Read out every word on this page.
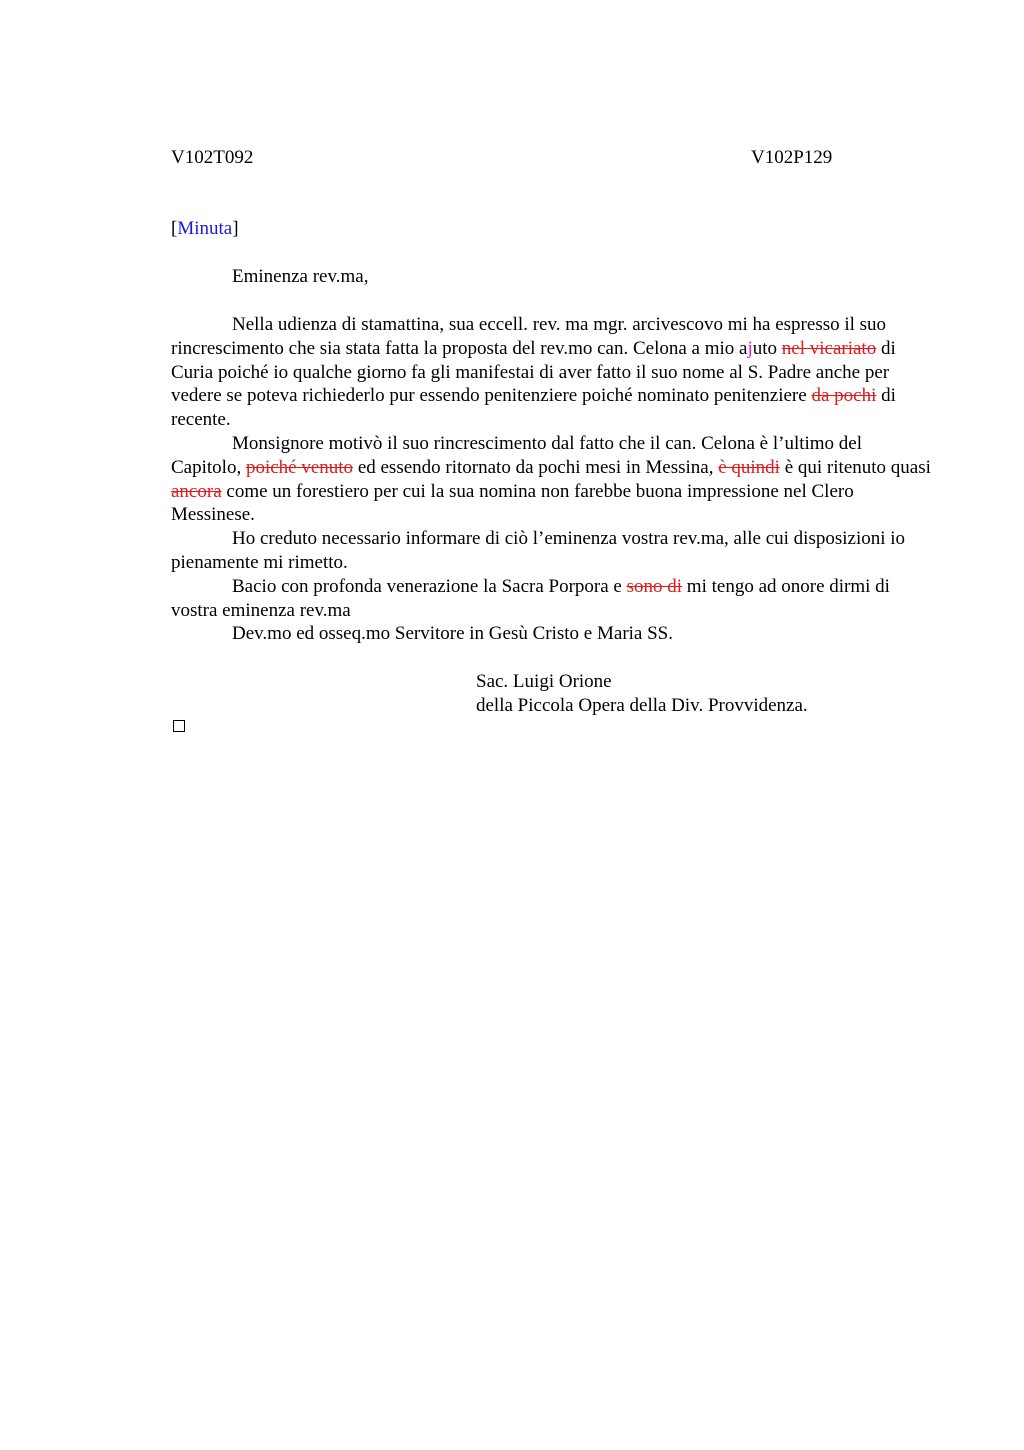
V102T092	V102P129
[Minuta]
Eminenza rev.ma,

Nella udienza di stamattina, sua eccell. rev. ma mgr. arcivescovo mi ha espresso il suo rincrescimento che sia stata fatta la proposta del rev.mo can. Celona a mio ajuto nel vicariato di Curia poiché io qualche giorno fa gli manifestai di aver fatto il suo nome al S. Padre anche per vedere se poteva richiederlo pur essendo penitenziere poiché nominato penitenziere da pochi di recente.

Monsignore motivò il suo rincrescimento dal fatto che il can. Celona è l’ultimo del Capitolo, poiché venuto ed essendo ritornato da pochi mesi in Messina, è quindi è qui ritenuto quasi ancora come un forestiero per cui la sua nomina non farebbe buona impressione nel Clero Messinese.

Ho creduto necessario informare di ciò l’eminenza vostra rev.ma, alle cui disposizioni io pienamente mi rimetto.

Bacio con profonda venerazione la Sacra Porpora e sono di mi tengo ad onore dirmi di vostra eminenza rev.ma

Dev.mo ed osseq.mo Servitore in Gesù Cristo e Maria SS.

Sac. Luigi Orione
della Piccola Opera della Div. Provvidenza.
